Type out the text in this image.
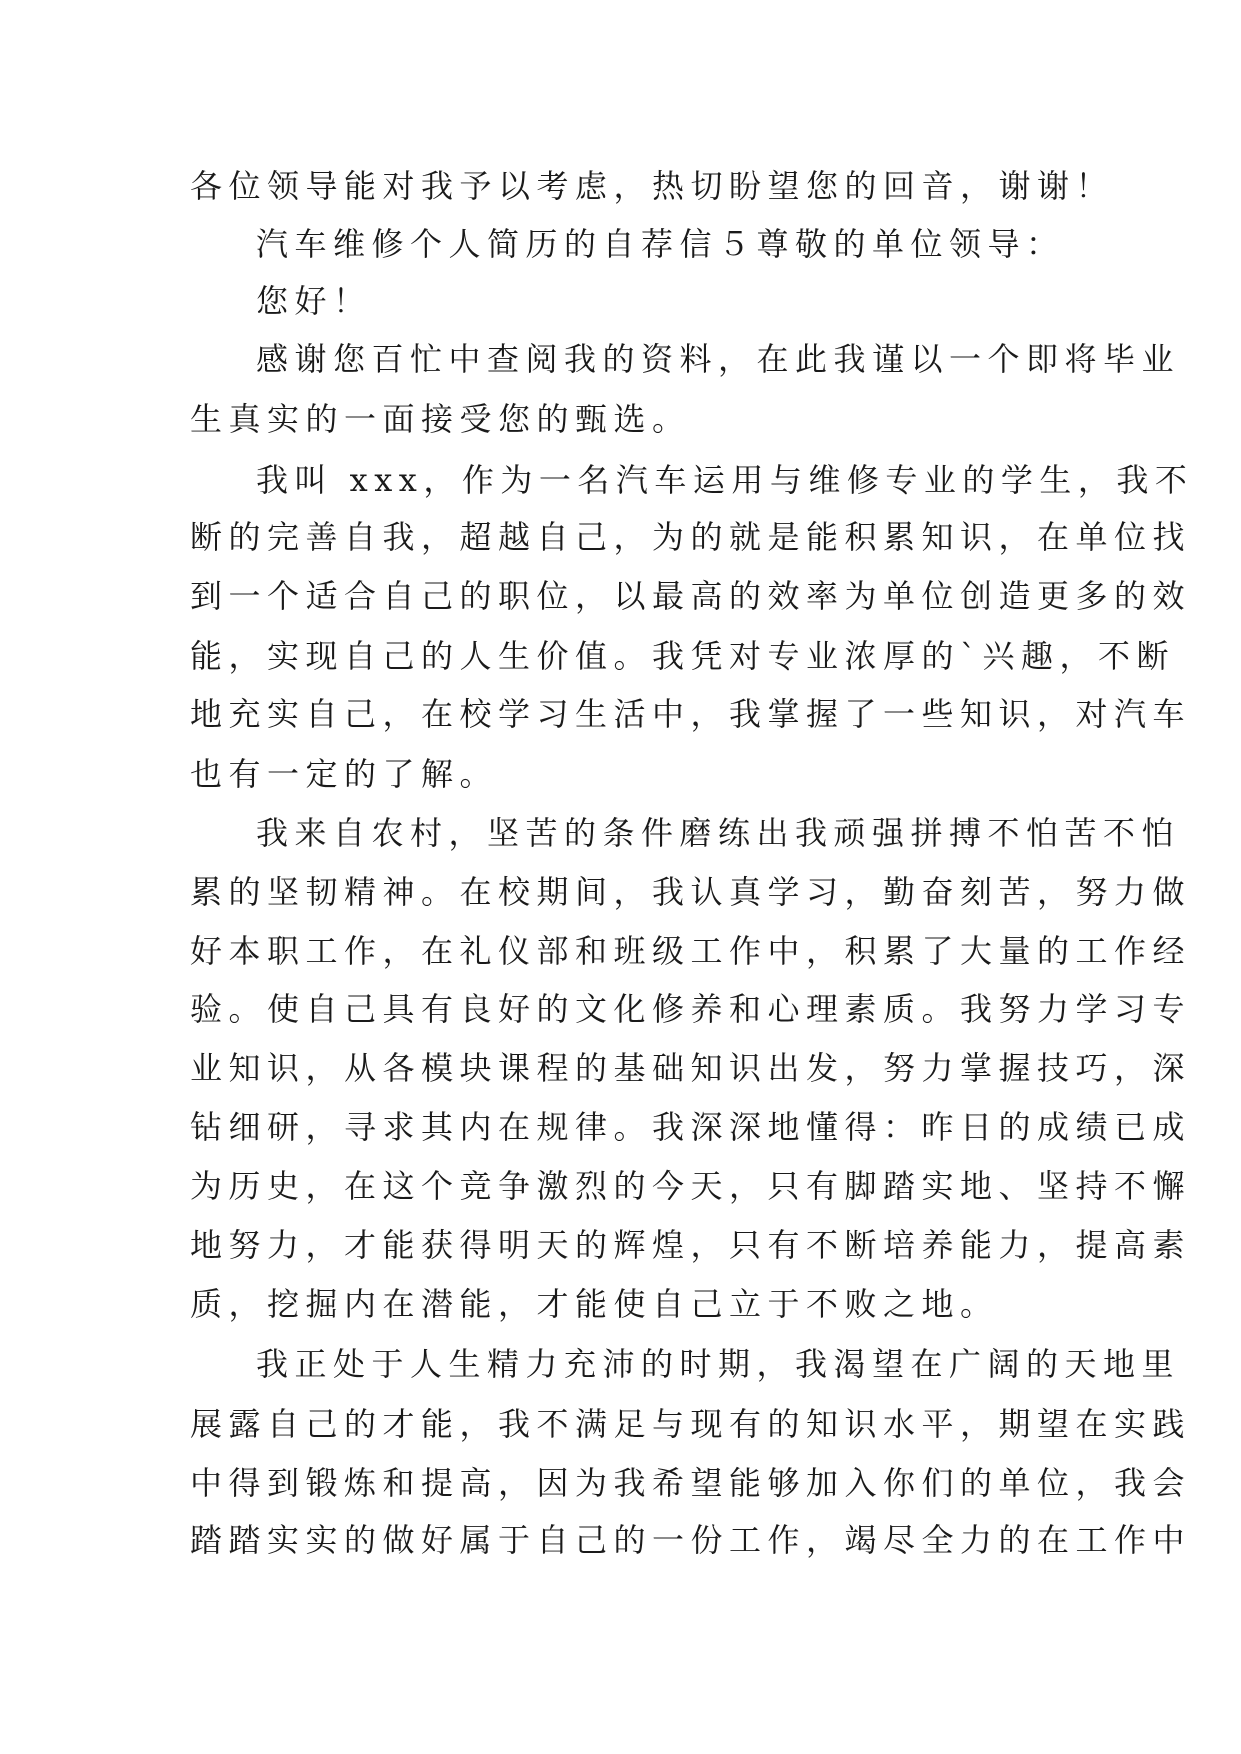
各位领导能对我予以考虑，热切盼望您的回音，谢谢！
汽车维修个人简历的自荐信５尊敬的单位领导：
您好！
感谢您百忙中查阅我的资料，在此我谨以一个即将毕业
生真实的一面接受您的甄选。
我叫 xxx，作为一名汽车运用与维修专业的学生，我不
断的完善自我，超越自己，为的就是能积累知识，在单位找
到一个适合自己的职位，以最高的效率为单位创造更多的效
能，实现自己的人生价值。我凭对专业浓厚的`兴趣，不断
地充实自己，在校学习生活中，我掌握了一些知识，对汽车
也有一定的了解。
我来自农村，坚苦的条件磨练出我顽强拼搏不怕苦不怕
累的坚韧精神。在校期间，我认真学习，勤奋刻苦，努力做
好本职工作，在礼仪部和班级工作中，积累了大量的工作经
验。使自己具有良好的文化修养和心理素质。我努力学习专
业知识，从各模块课程的基础知识出发，努力掌握技巧，深
钻细研，寻求其内在规律。我深深地懂得：昨日的成绩已成
为历史，在这个竞争激烈的今天，只有脚踏实地、坚持不懈
地努力，才能获得明天的辉煌，只有不断培养能力，提高素
质，挖掘内在潜能，才能使自己立于不败之地。
我正处于人生精力充沛的时期，我渴望在广阔的天地里
展露自己的才能，我不满足与现有的知识水平，期望在实践
中得到锻炼和提高，因为我希望能够加入你们的单位，我会
踏踏实实的做好属于自己的一份工作，竭尽全力的在工作中
